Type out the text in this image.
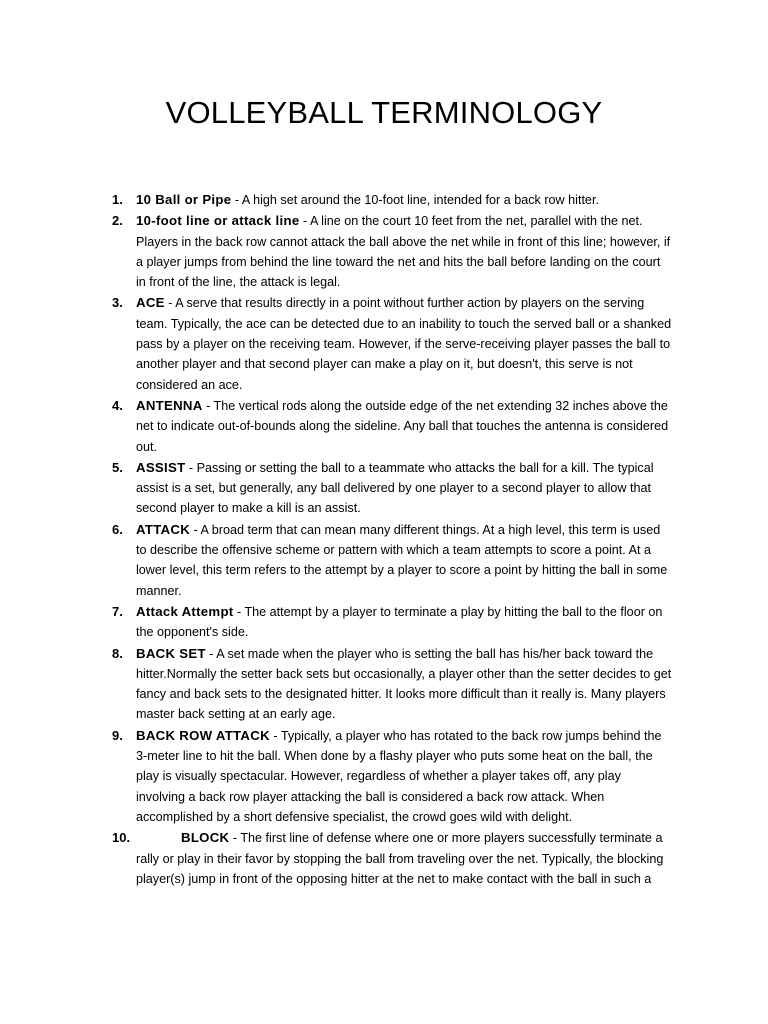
VOLLEYBALL TERMINOLOGY
1. 10 Ball or Pipe - A high set around the 10-foot line, intended for a back row hitter.
2. 10-foot line or attack line - A line on the court 10 feet from the net, parallel with the net. Players in the back row cannot attack the ball above the net while in front of this line; however, if a player jumps from behind the line toward the net and hits the ball before landing on the court in front of the line, the attack is legal.
3. ACE - A serve that results directly in a point without further action by players on the serving team. Typically, the ace can be detected due to an inability to touch the served ball or a shanked pass by a player on the receiving team. However, if the serve-receiving player passes the ball to another player and that second player can make a play on it, but doesn't, this serve is not considered an ace.
4. ANTENNA - The vertical rods along the outside edge of the net extending 32 inches above the net to indicate out-of-bounds along the sideline. Any ball that touches the antenna is considered out.
5. ASSIST - Passing or setting the ball to a teammate who attacks the ball for a kill. The typical assist is a set, but generally, any ball delivered by one player to a second player to allow that second player to make a kill is an assist.
6. ATTACK - A broad term that can mean many different things. At a high level, this term is used to describe the offensive scheme or pattern with which a team attempts to score a point. At a lower level, this term refers to the attempt by a player to score a point by hitting the ball in some manner.
7. Attack Attempt - The attempt by a player to terminate a play by hitting the ball to the floor on the opponent's side.
8. BACK SET - A set made when the player who is setting the ball has his/her back toward the hitter.Normally the setter back sets but occasionally, a player other than the setter decides to get fancy and back sets to the designated hitter. It looks more difficult than it really is. Many players master back setting at an early age.
9. BACK ROW ATTACK - Typically, a player who has rotated to the back row jumps behind the 3-meter line to hit the ball. When done by a flashy player who puts some heat on the ball, the play is visually spectacular. However, regardless of whether a player takes off, any play involving a back row player attacking the ball is considered a back row attack. When accomplished by a short defensive specialist, the crowd goes wild with delight.
10.	BLOCK - The first line of defense where one or more players successfully terminate a rally or play in their favor by stopping the ball from traveling over the net. Typically, the blocking player(s) jump in front of the opposing hitter at the net to make contact with the ball in such a
